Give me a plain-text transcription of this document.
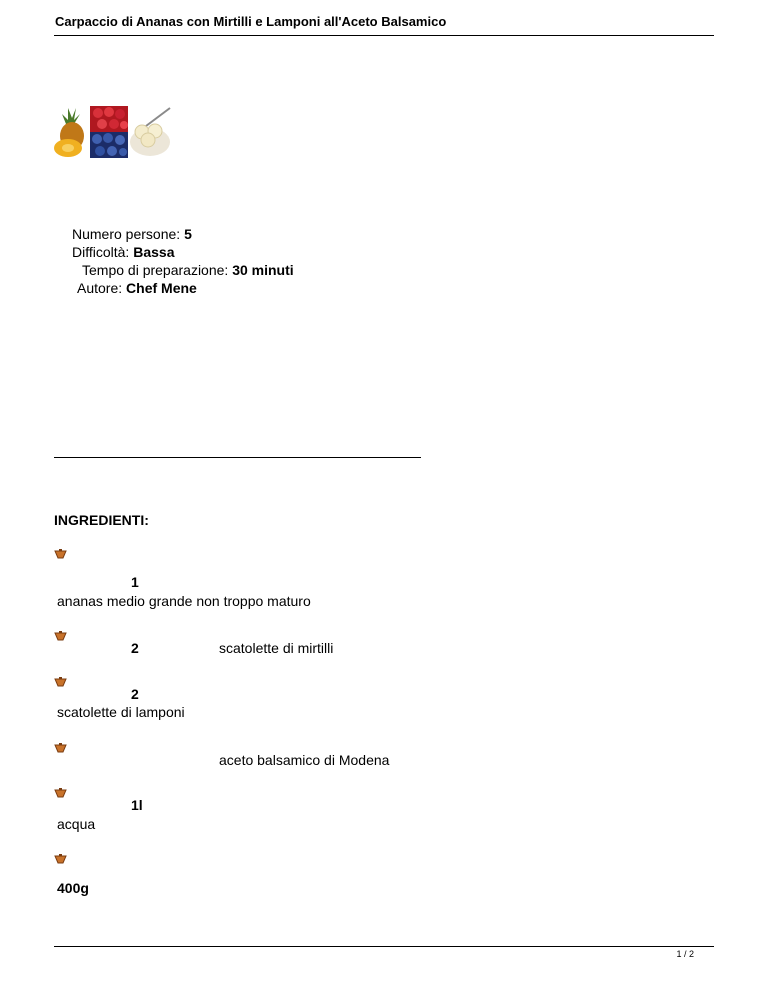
Carpaccio di Ananas con Mirtilli e Lamponi all'Aceto Balsamico
Numero persone: 5
Difficoltà: Bassa
Tempo di preparazione: 30 minuti
Autore: Chef Mene
INGREDIENTI:
1
ananas medio grande non troppo maturo
2	scatolette di mirtilli
2
scatolette di lamponi
aceto balsamico di Modena
1l
acqua
400g
1 / 2
